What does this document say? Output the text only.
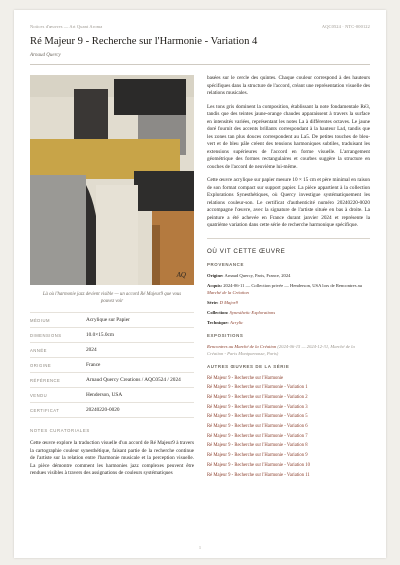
Notices d'œuvres — Art Quant Aroma	AQC0524 · NTC-000122
Ré Majeur 9 - Recherche sur l'Harmonie - Variation 4
Arnaud Quercy
AQ
Là où l'harmonie jazz devient visible — un accord Ré Majeur9 que vous pouvez voir
MÉDIUM	Acrylique sur Papier
DIMENSIONS	10.0×15.0cm
ANNÉE	2024
ORIGINE	France
RÉFÉRENCE	Arnaud Quercy Creations / AQC0524 / 2024
VENDU	Henderson, USA
CERTIFICAT	20240220-0020
NOTES CURATORIALES
Cette œuvre explore la traduction visuelle d'un accord de Ré Majeur9 à travers la cartographie couleur synesthétique, faisant partie de la recherche continue de l'artiste sur la relation entre l'harmonie musicale et la perception visuelle. La pièce démontre comment les harmonies jazz complexes peuvent être rendues visibles à travers des assignations de couleurs systématiques

basées sur le cercle des quintes. Chaque couleur correspond à des hauteurs spécifiques dans la structure de l'accord, créant une représentation visuelle des relations musicales.

Les tons gris dominent la composition, établissant la note fondamentale Ré3, tandis que des teintes jaune-orange chaudes apparaissent à travers la surface en intensités variées, représentant les notes La à différentes octaves. Le jaune doré fournit des accents brillants correspondant à la hauteur La4, tandis que les zones tan plus douces correspondent au La5. De petites touches de bleu-vert et de bleu pâle créent des tensions harmoniques subtiles, traduisant les extensions supérieures de l'accord en forme visuelle. L'arrangement géométrique des formes rectangulaires et courbes suggère la structure en couches de l'accord de neuvième lui-même.

Cette œuvre acrylique sur papier mesure 10 × 15 cm et père minimal en raison de son format compact sur support papier. La pièce appartient à la collection Explorations Synesthétiques, où Quercy investigue systématiquement les relations couleur-son. Le certificat d'authenticité numéro 20240220-0020 accompagne l'œuvre, avec la signature de l'artiste située en bas à droite. La peinture a été achevée en France durant janvier 2024 et représente la quatrième variation dans cette série de recherche harmonique spécifique.

OÙ VIT CETTE ŒUVRE
PROVENANCE
Origine: Arnaud Quercy, Paris, France, 2024
Acquis: 2024-06-11 — Collection privée — Henderson, USA lors de Rencontres au Marché de la Création
Série: D Major9
Collection: Synesthetic Explorations
Technique: Acrylic
EXPOSITIONS
Rencontres au Marché de la Création (2024-06-15 — 2024-12-31, Marché de la Création - Paris Montparnasse, Paris)
AUTRES ŒUVRES DE LA SÉRIE
Ré Majeur 9 - Recherche sur l'Harmonie
Ré Majeur 9 - Recherche sur l'Harmonie - Variation 1
Ré Majeur 9 - Recherche sur l'Harmonie - Variation 2
Ré Majeur 9 - Recherche sur l'Harmonie - Variation 3
Ré Majeur 9 - Recherche sur l'Harmonie - Variation 5
Ré Majeur 9 - Recherche sur l'Harmonie - Variation 6
Ré Majeur 9 - Recherche sur l'Harmonie - Variation 7
Ré Majeur 9 - Recherche sur l'Harmonie - Variation 8
Ré Majeur 9 - Recherche sur l'Harmonie - Variation 9
Ré Majeur 9 - Recherche sur l'Harmonie - Variation 10
Ré Majeur 9 - Recherche sur l'Harmonie - Variation 11
1
